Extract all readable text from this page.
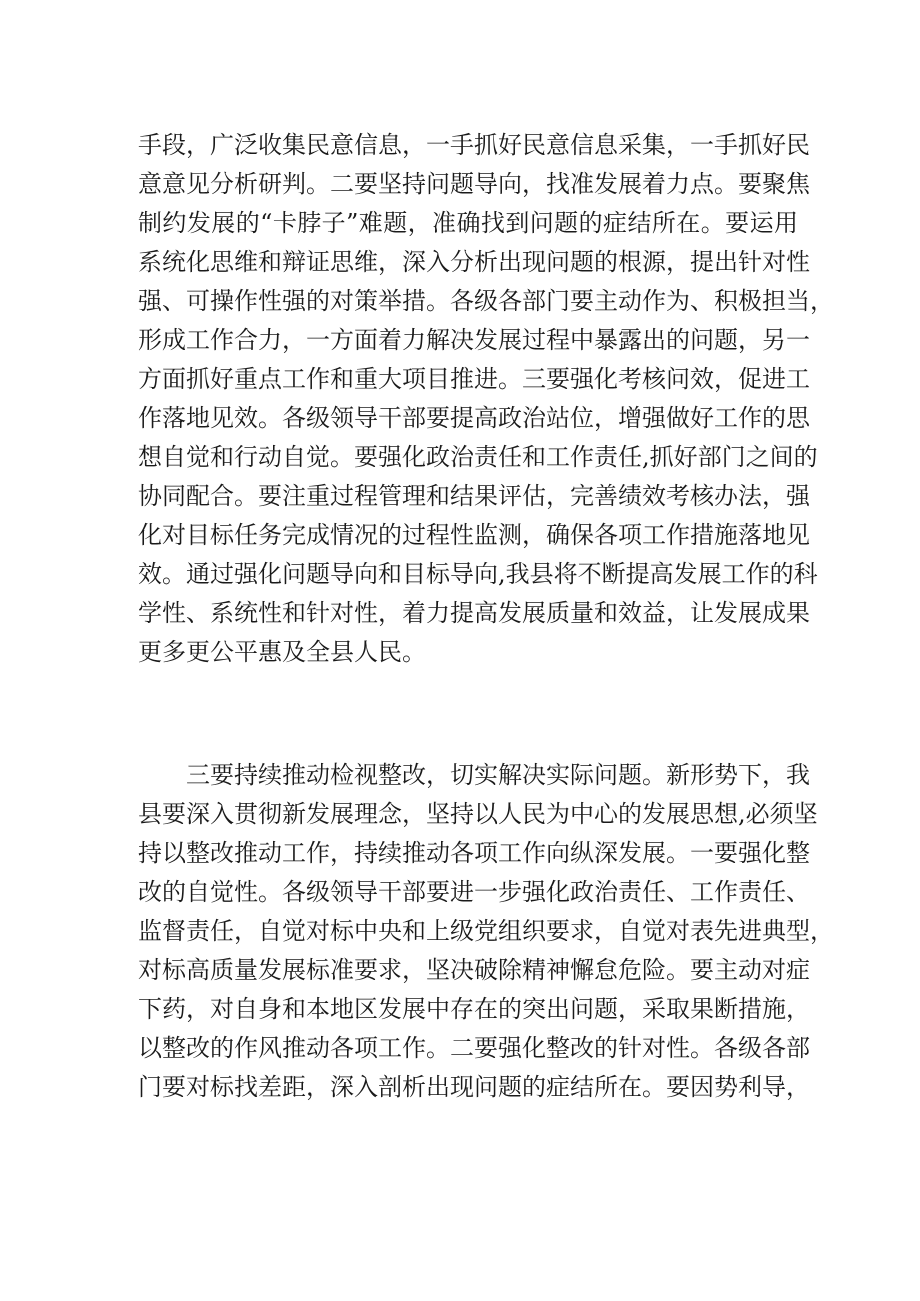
手段，广泛收集民意信息，一手抓好民意信息采集，一手抓好民
意意见分析研判。二要坚持问题导向，找准发展着力点。要聚焦
制约发展的“卡脖子”难题，准确找到问题的症结所在。要运用
系统化思维和辩证思维，深入分析出现问题的根源，提出针对性
强、可操作性强的对策举措。各级各部门要主动作为、积极担当，
形成工作合力，一方面着力解决发展过程中暴露出的问题，另一
方面抓好重点工作和重大项目推进。三要强化考核问效，促进工
作落地见效。各级领导干部要提高政治站位，增强做好工作的思
想自觉和行动自觉。要强化政治责任和工作责任,抓好部门之间的
协同配合。要注重过程管理和结果评估，完善绩效考核办法，强
化对目标任务完成情况的过程性监测，确保各项工作措施落地见
效。通过强化问题导向和目标导向,我县将不断提高发展工作的科
学性、系统性和针对性，着力提高发展质量和效益，让发展成果
更多更公平惠及全县人民。
三要持续推动检视整改，切实解决实际问题。新形势下，我
县要深入贯彻新发展理念，坚持以人民为中心的发展思想,必须坚
持以整改推动工作，持续推动各项工作向纵深发展。一要强化整
改的自觉性。各级领导干部要进一步强化政治责任、工作责任、
监督责任，自觉对标中央和上级党组织要求，自觉对表先进典型，
对标高质量发展标准要求，坚决破除精神懈怠危险。要主动对症
下药，对自身和本地区发展中存在的突出问题，采取果断措施，
以整改的作风推动各项工作。二要强化整改的针对性。各级各部
门要对标找差距，深入剖析出现问题的症结所在。要因势利导，
